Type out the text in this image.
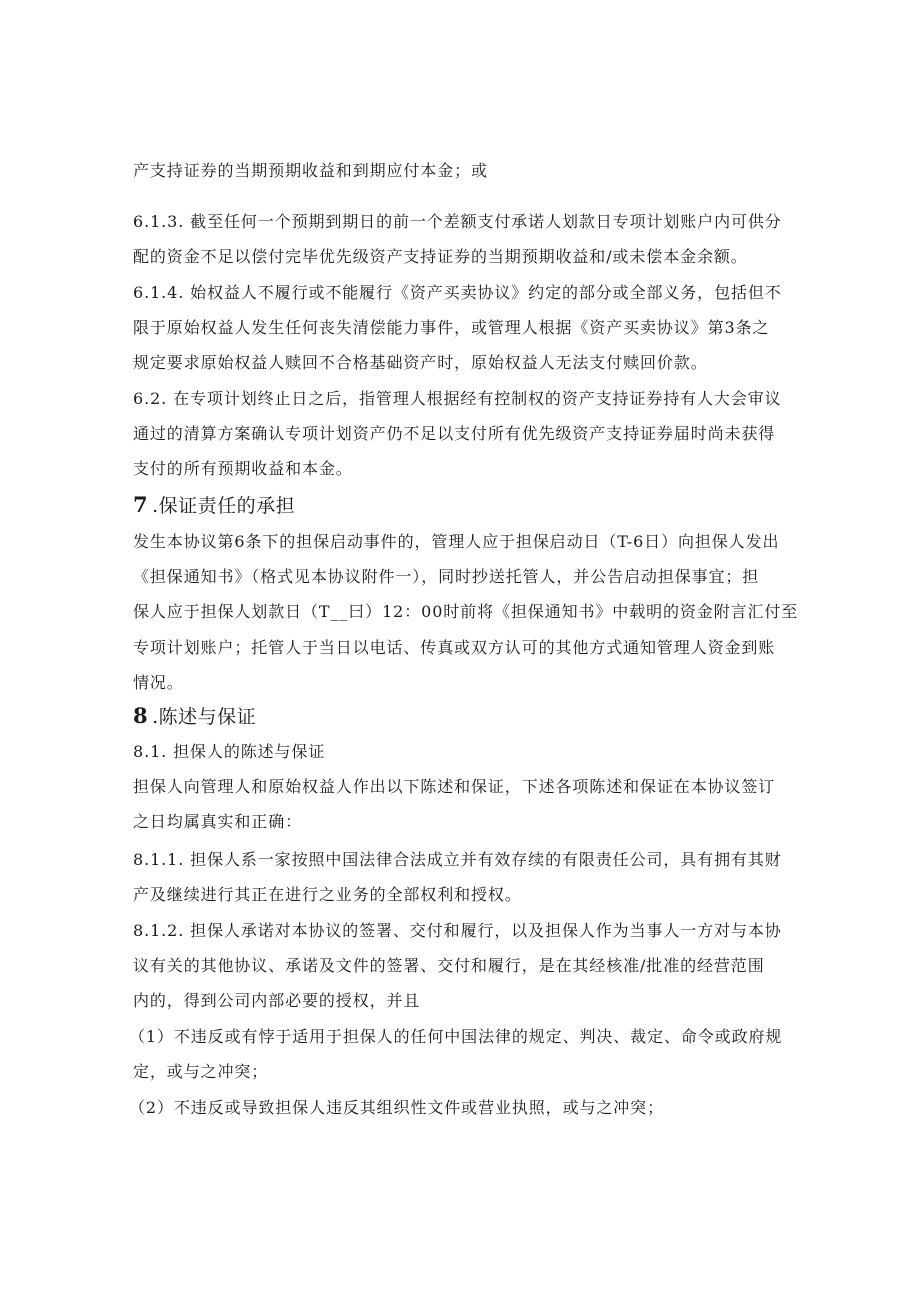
产支持证券的当期预期收益和到期应付本金；或
6.1.3. 截至任何一个预期到期日的前一个差额支付承诺人划款日专项计划账户内可供分
配的资金不足以偿付完毕优先级资产支持证券的当期预期收益和/或未偿本金余额。
6.1.4. 始权益人不履行或不能履行《资产买卖协议》约定的部分或全部义务，包括但不
限于原始权益人发生任何丧失清偿能力事件，或管理人根据《资产买卖协议》第3条之
规定要求原始权益人赎回不合格基础资产时，原始权益人无法支付赎回价款。
6.2. 在专项计划终止日之后，指管理人根据经有控制权的资产支持证券持有人大会审议
通过的清算方案确认专项计划资产仍不足以支付所有优先级资产支持证券届时尚未获得
支付的所有预期收益和本金。
7 .保证责任的承担
发生本协议第6条下的担保启动事件的，管理人应于担保启动日（T-6日）向担保人发出
《担保通知书》（格式见本协议附件一），同时抄送托管人，并公告启动担保事宜；担
保人应于担保人划款日（T__曰）12：00时前将《担保通知书》中载明的资金附言汇付至
专项计划账户；托管人于当日以电话、传真或双方认可的其他方式通知管理人资金到账
情况。
8 .陈述与保证
8.1. 担保人的陈述与保证
担保人向管理人和原始权益人作出以下陈述和保证，下述各项陈述和保证在本协议签订
之日均属真实和正确：
8.1.1. 担保人系一家按照中国法律合法成立并有效存续的有限责任公司，具有拥有其财
产及继续进行其正在进行之业务的全部权利和授权。
8.1.2. 担保人承诺对本协议的签署、交付和履行，以及担保人作为当事人一方对与本协
议有关的其他协议、承诺及文件的签署、交付和履行，是在其经核准/批准的经营范围
内的，得到公司内部必要的授权，并且
（1）不违反或有悖于适用于担保人的任何中国法律的规定、判决、裁定、命令或政府规
定，或与之冲突；
（2）不违反或导致担保人违反其组织性文件或营业执照，或与之冲突；
